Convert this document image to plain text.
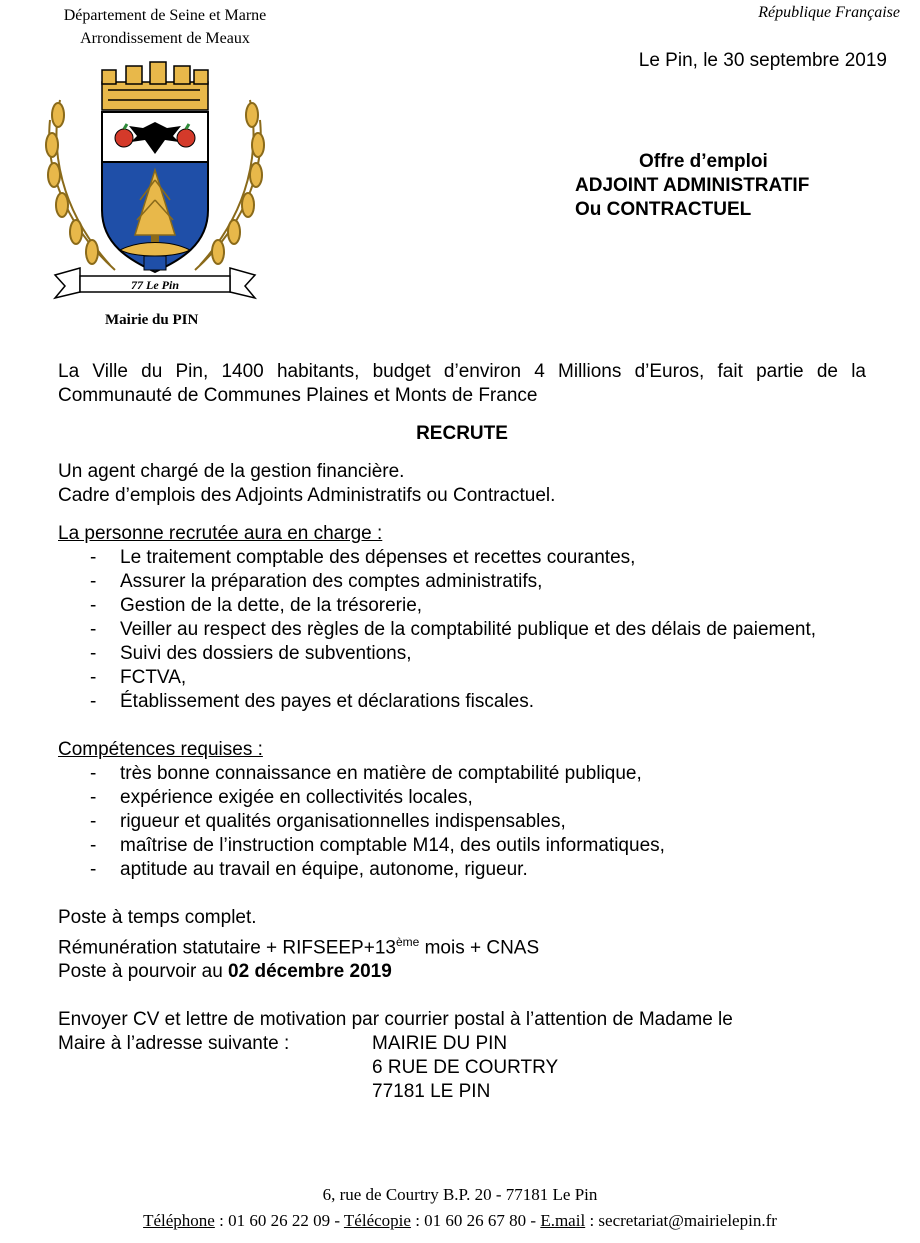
Département de Seine et Marne
Arrondissement de Meaux
République Française
Le Pin, le 30 septembre 2019
77 Le Pin
Mairie du PIN
Offre d’emploi
ADJOINT ADMINISTRATIF
Ou CONTRACTUEL

La Ville du Pin, 1400 habitants, budget d’environ 4 Millions d’Euros, fait partie de la Communauté de Communes Plaines et Monts de France

RECRUTE

Un agent chargé de la gestion financière.

Cadre d’emplois des Adjoints Administratifs ou Contractuel.

La personne recrutée aura en charge :

- Le traitement comptable des dépenses et recettes courantes,
- Assurer la préparation des comptes administratifs,
- Gestion de la dette, de la trésorerie,
- Veiller au respect des règles de la comptabilité publique et des délais de paiement,
- Suivi des dossiers de subventions,
- FCTVA,
- Établissement des payes et déclarations fiscales.

Compétences requises :

- très bonne connaissance en matière de comptabilité publique,
- expérience exigée en collectivités locales,
- rigueur et qualités organisationnelles indispensables,
- maîtrise de l’instruction comptable M14, des outils informatiques,
- aptitude au travail en équipe, autonome, rigueur.

Poste à temps complet.

Rémunération statutaire + RIFSEEP+13ème mois + CNAS

Poste à pourvoir au 02 décembre 2019

Envoyer CV et lettre de motivation par courrier postal à l’attention de Madame le

Maire à l’adresse suivante :	MAIRIE DU PIN
6 RUE DE COURTRY
77181 LE PIN
6, rue de Courtry B.P. 20 - 77181 Le Pin
Téléphone : 01 60 26 22 09 - Télécopie : 01 60 26 67 80 - E.mail : secretariat@mairielepin.fr
